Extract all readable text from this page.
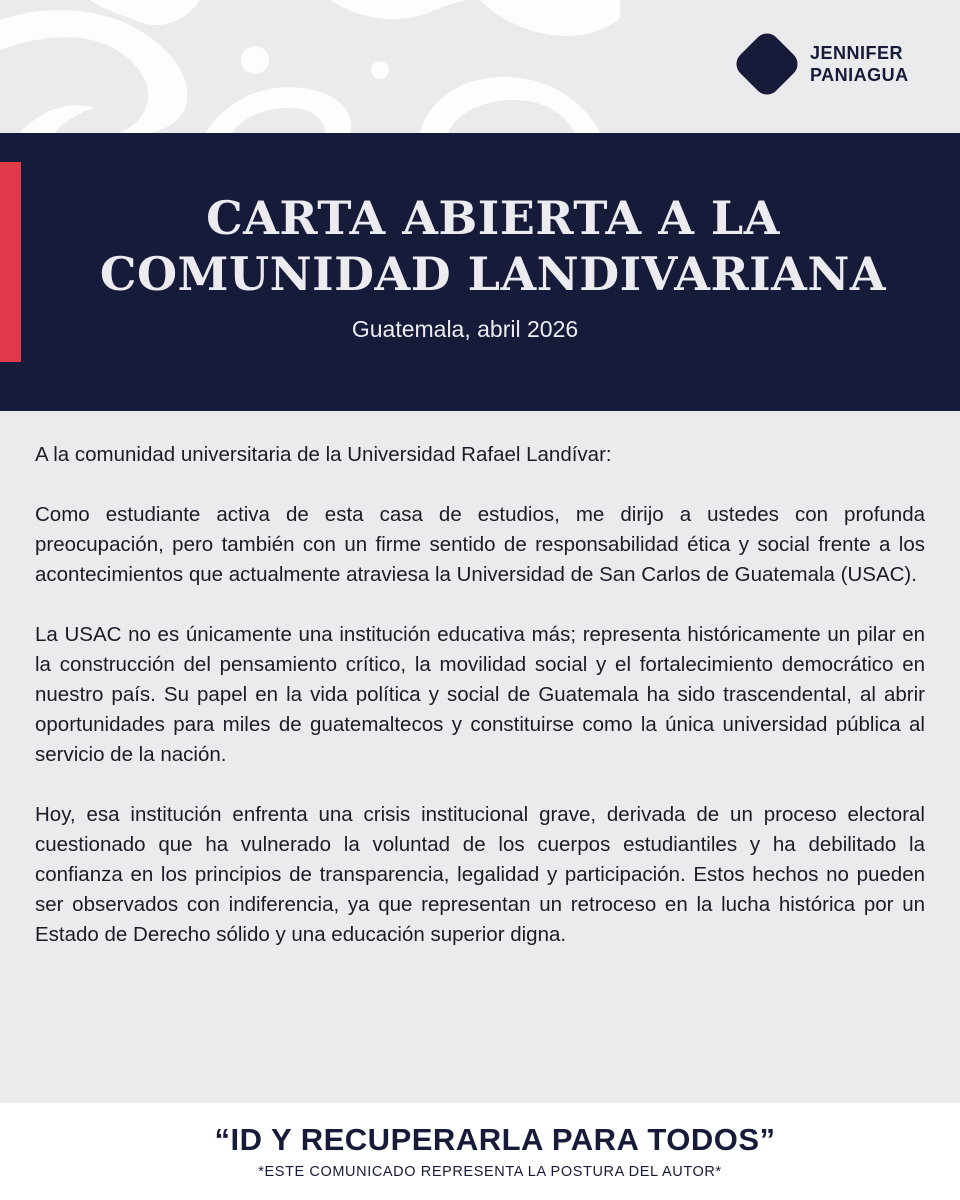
JENNIFER
PANIAGUA
CARTA ABIERTA A LA
COMUNIDAD LANDIVARIANA
Guatemala, abril 2026

A la comunidad universitaria de la Universidad Rafael Landívar:

Como estudiante activa de esta casa de estudios, me dirijo a ustedes con profunda preocupación, pero también con un firme sentido de responsabilidad ética y social frente a los acontecimientos que actualmente atraviesa la Universidad de San Carlos de Guatemala (USAC).

La USAC no es únicamente una institución educativa más; representa históricamente un pilar en la construcción del pensamiento crítico, la movilidad social y el fortalecimiento democrático en nuestro país. Su papel en la vida política y social de Guatemala ha sido trascendental, al abrir oportunidades para miles de guatemaltecos y constituirse como la única universidad pública al servicio de la nación.

Hoy, esa institución enfrenta una crisis institucional grave, derivada de un proceso electoral cuestionado que ha vulnerado la voluntad de los cuerpos estudiantiles y ha debilitado la confianza en los principios de transparencia, legalidad y participación. Estos hechos no pueden ser observados con indiferencia, ya que representan un retroceso en la lucha histórica por un Estado de Derecho sólido y una educación superior digna.

“ID Y RECUPERARLA PARA TODOS”
*ESTE COMUNICADO REPRESENTA LA POSTURA DEL AUTOR*
